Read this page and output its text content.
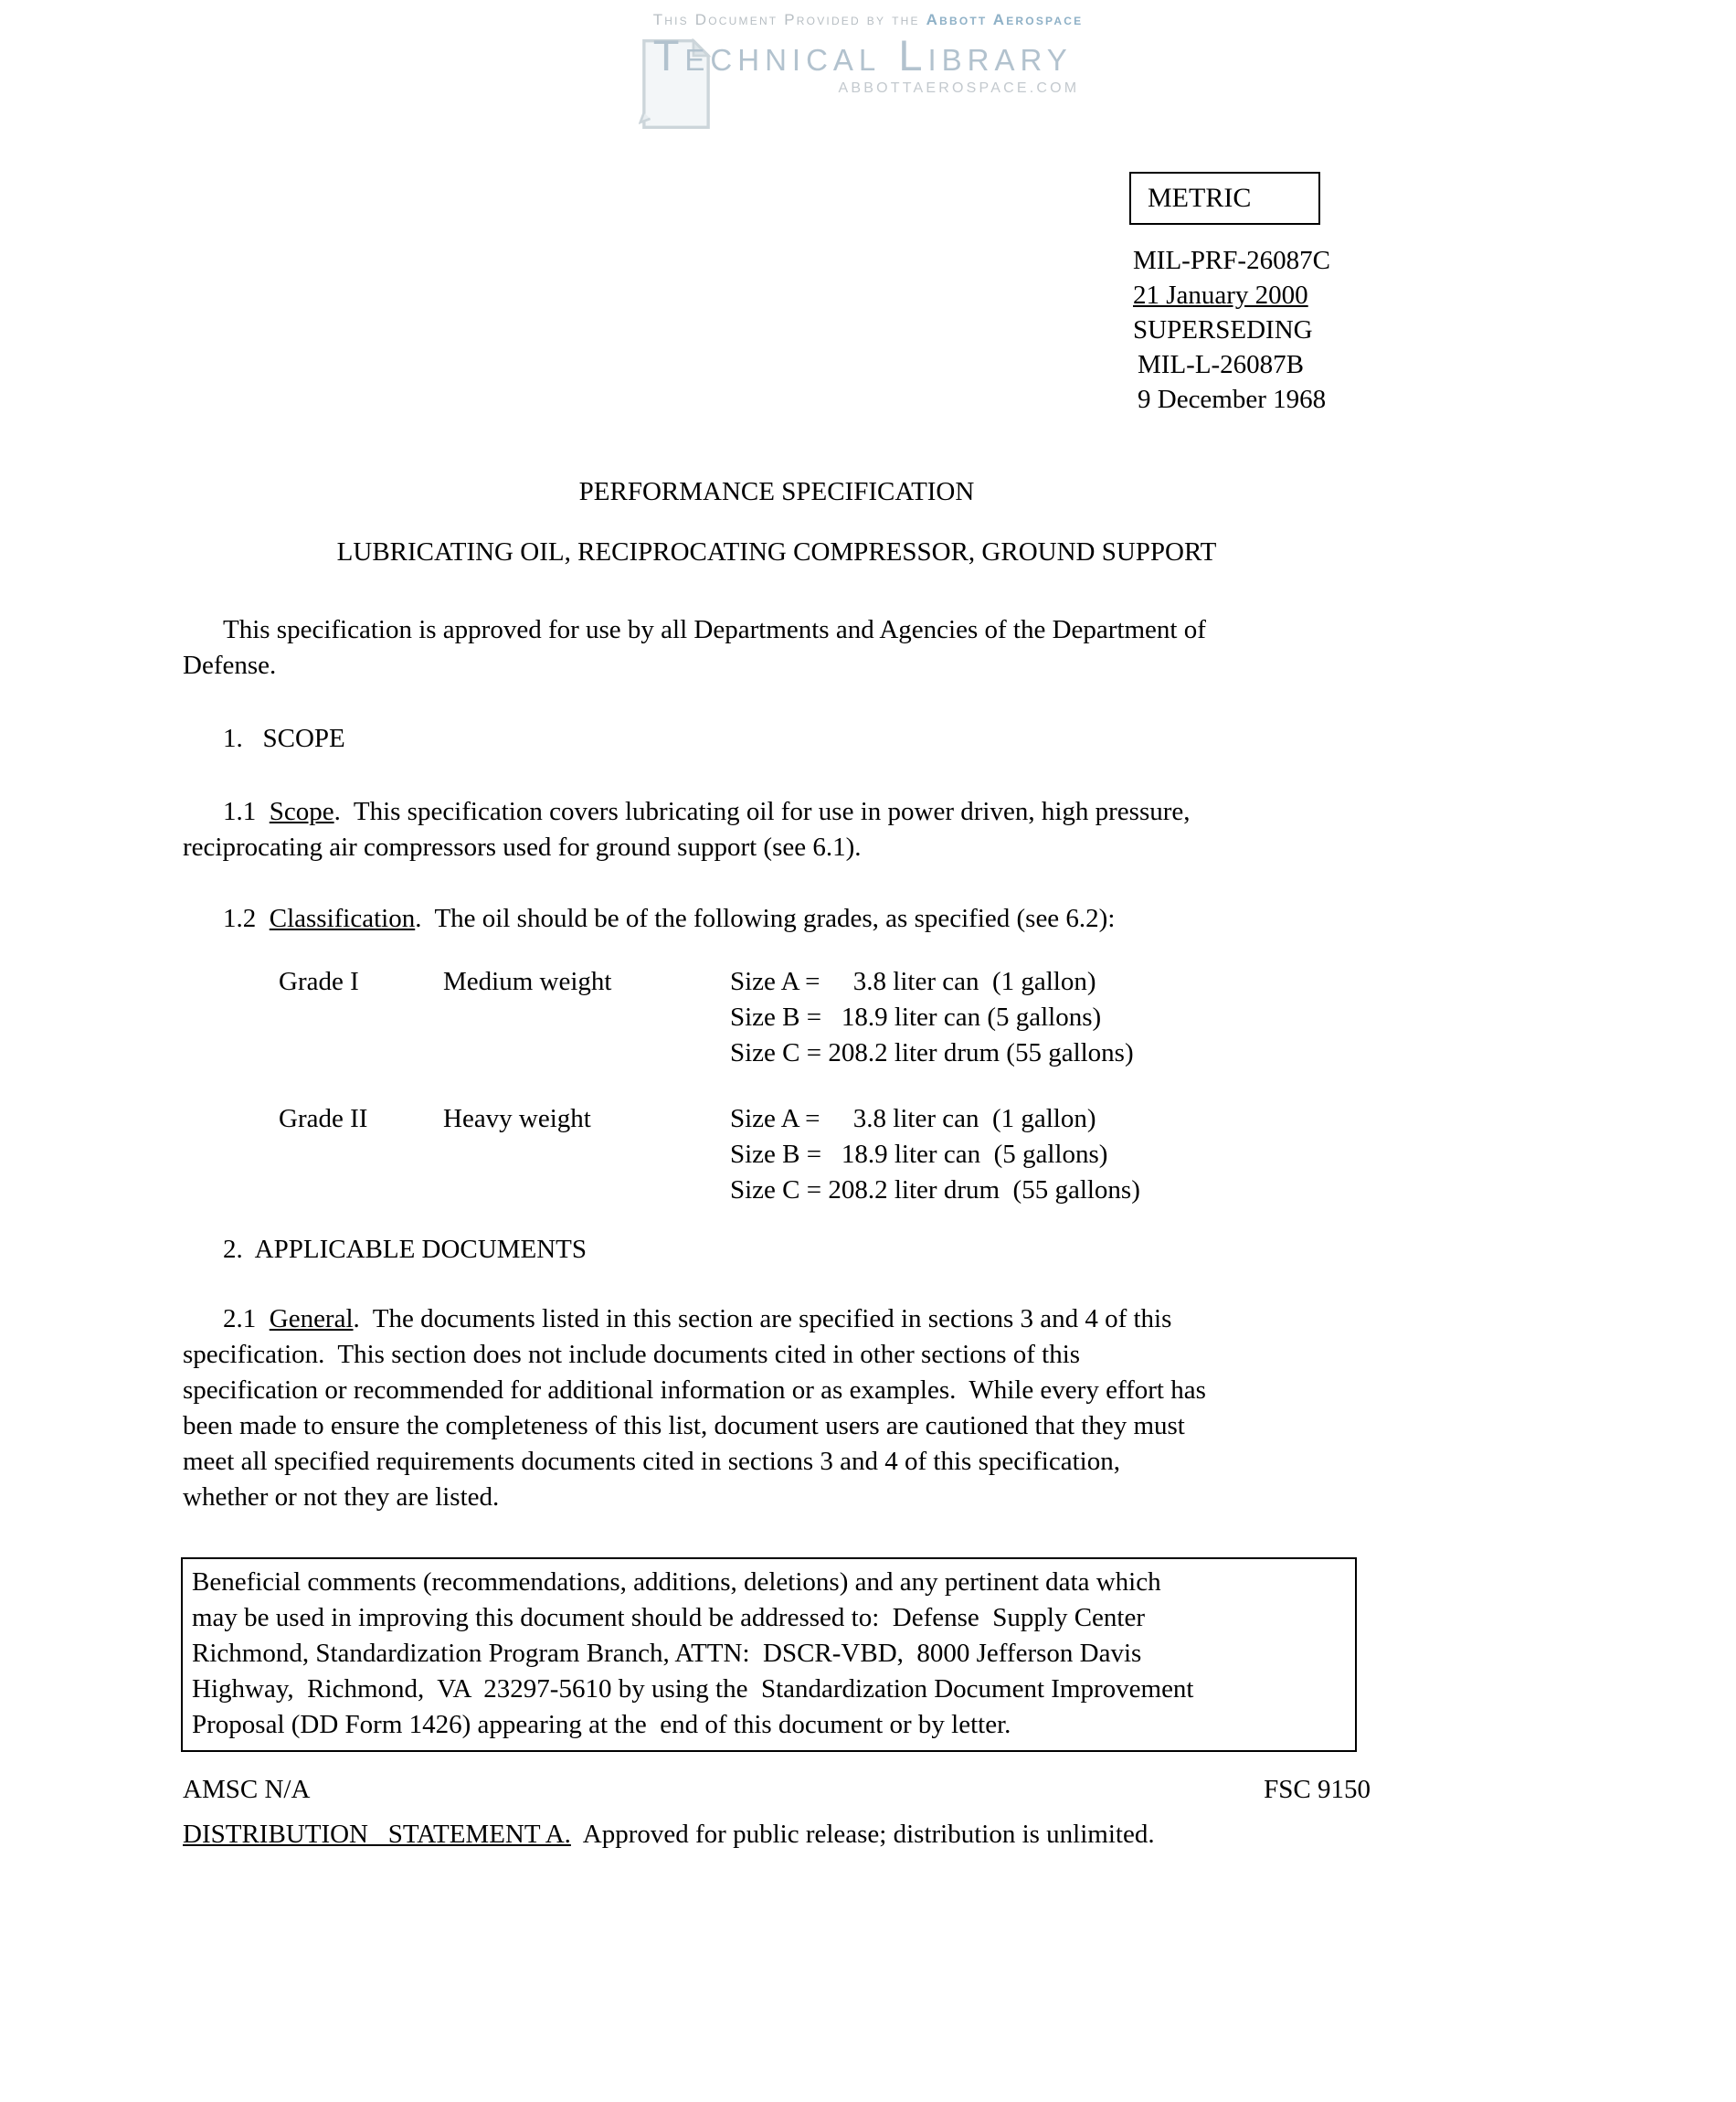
This Document Provided by the Abbott Aerospace
Technical Library
ABBOTTAEROSPACE.COM
METRIC
MIL-PRF-26087C
21 January 2000
SUPERSEDING
MIL-L-26087B
9 December 1968
PERFORMANCE SPECIFICATION
LUBRICATING OIL, RECIPROCATING COMPRESSOR, GROUND SUPPORT
This specification is approved for use by all Departments and Agencies of the Department of
Defense.
1.   SCOPE
1.1  Scope.  This specification covers lubricating oil for use in power driven, high pressure,
reciprocating air compressors used for ground support (see 6.1).
1.2  Classification.  The oil should be of the following grades, as specified (see 6.2):
Grade I	Medium weight	Size A =     3.8 liter can  (1 gallon)
Size B =   18.9 liter can (5 gallons)
Size C = 208.2 liter drum (55 gallons)
Grade II	Heavy weight	Size A =     3.8 liter can  (1 gallon)
Size B =   18.9 liter can  (5 gallons)
Size C = 208.2 liter drum  (55 gallons)
2.  APPLICABLE DOCUMENTS
2.1  General.  The documents listed in this section are specified in sections 3 and 4 of this
specification.  This section does not include documents cited in other sections of this
specification or recommended for additional information or as examples.  While every effort has
been made to ensure the completeness of this list, document users are cautioned that they must
meet all specified requirements documents cited in sections 3 and 4 of this specification,
whether or not they are listed.
Beneficial comments (recommendations, additions, deletions) and any pertinent data which
may be used in improving this document should be addressed to:  Defense  Supply Center
Richmond, Standardization Program Branch, ATTN:  DSCR-VBD,  8000 Jefferson Davis
Highway,  Richmond,  VA  23297-5610 by using the  Standardization Document Improvement
Proposal (DD Form 1426) appearing at the  end of this document or by letter.
AMSC N/A	FSC 9150
DISTRIBUTION   STATEMENT A.  Approved for public release; distribution is unlimited.
